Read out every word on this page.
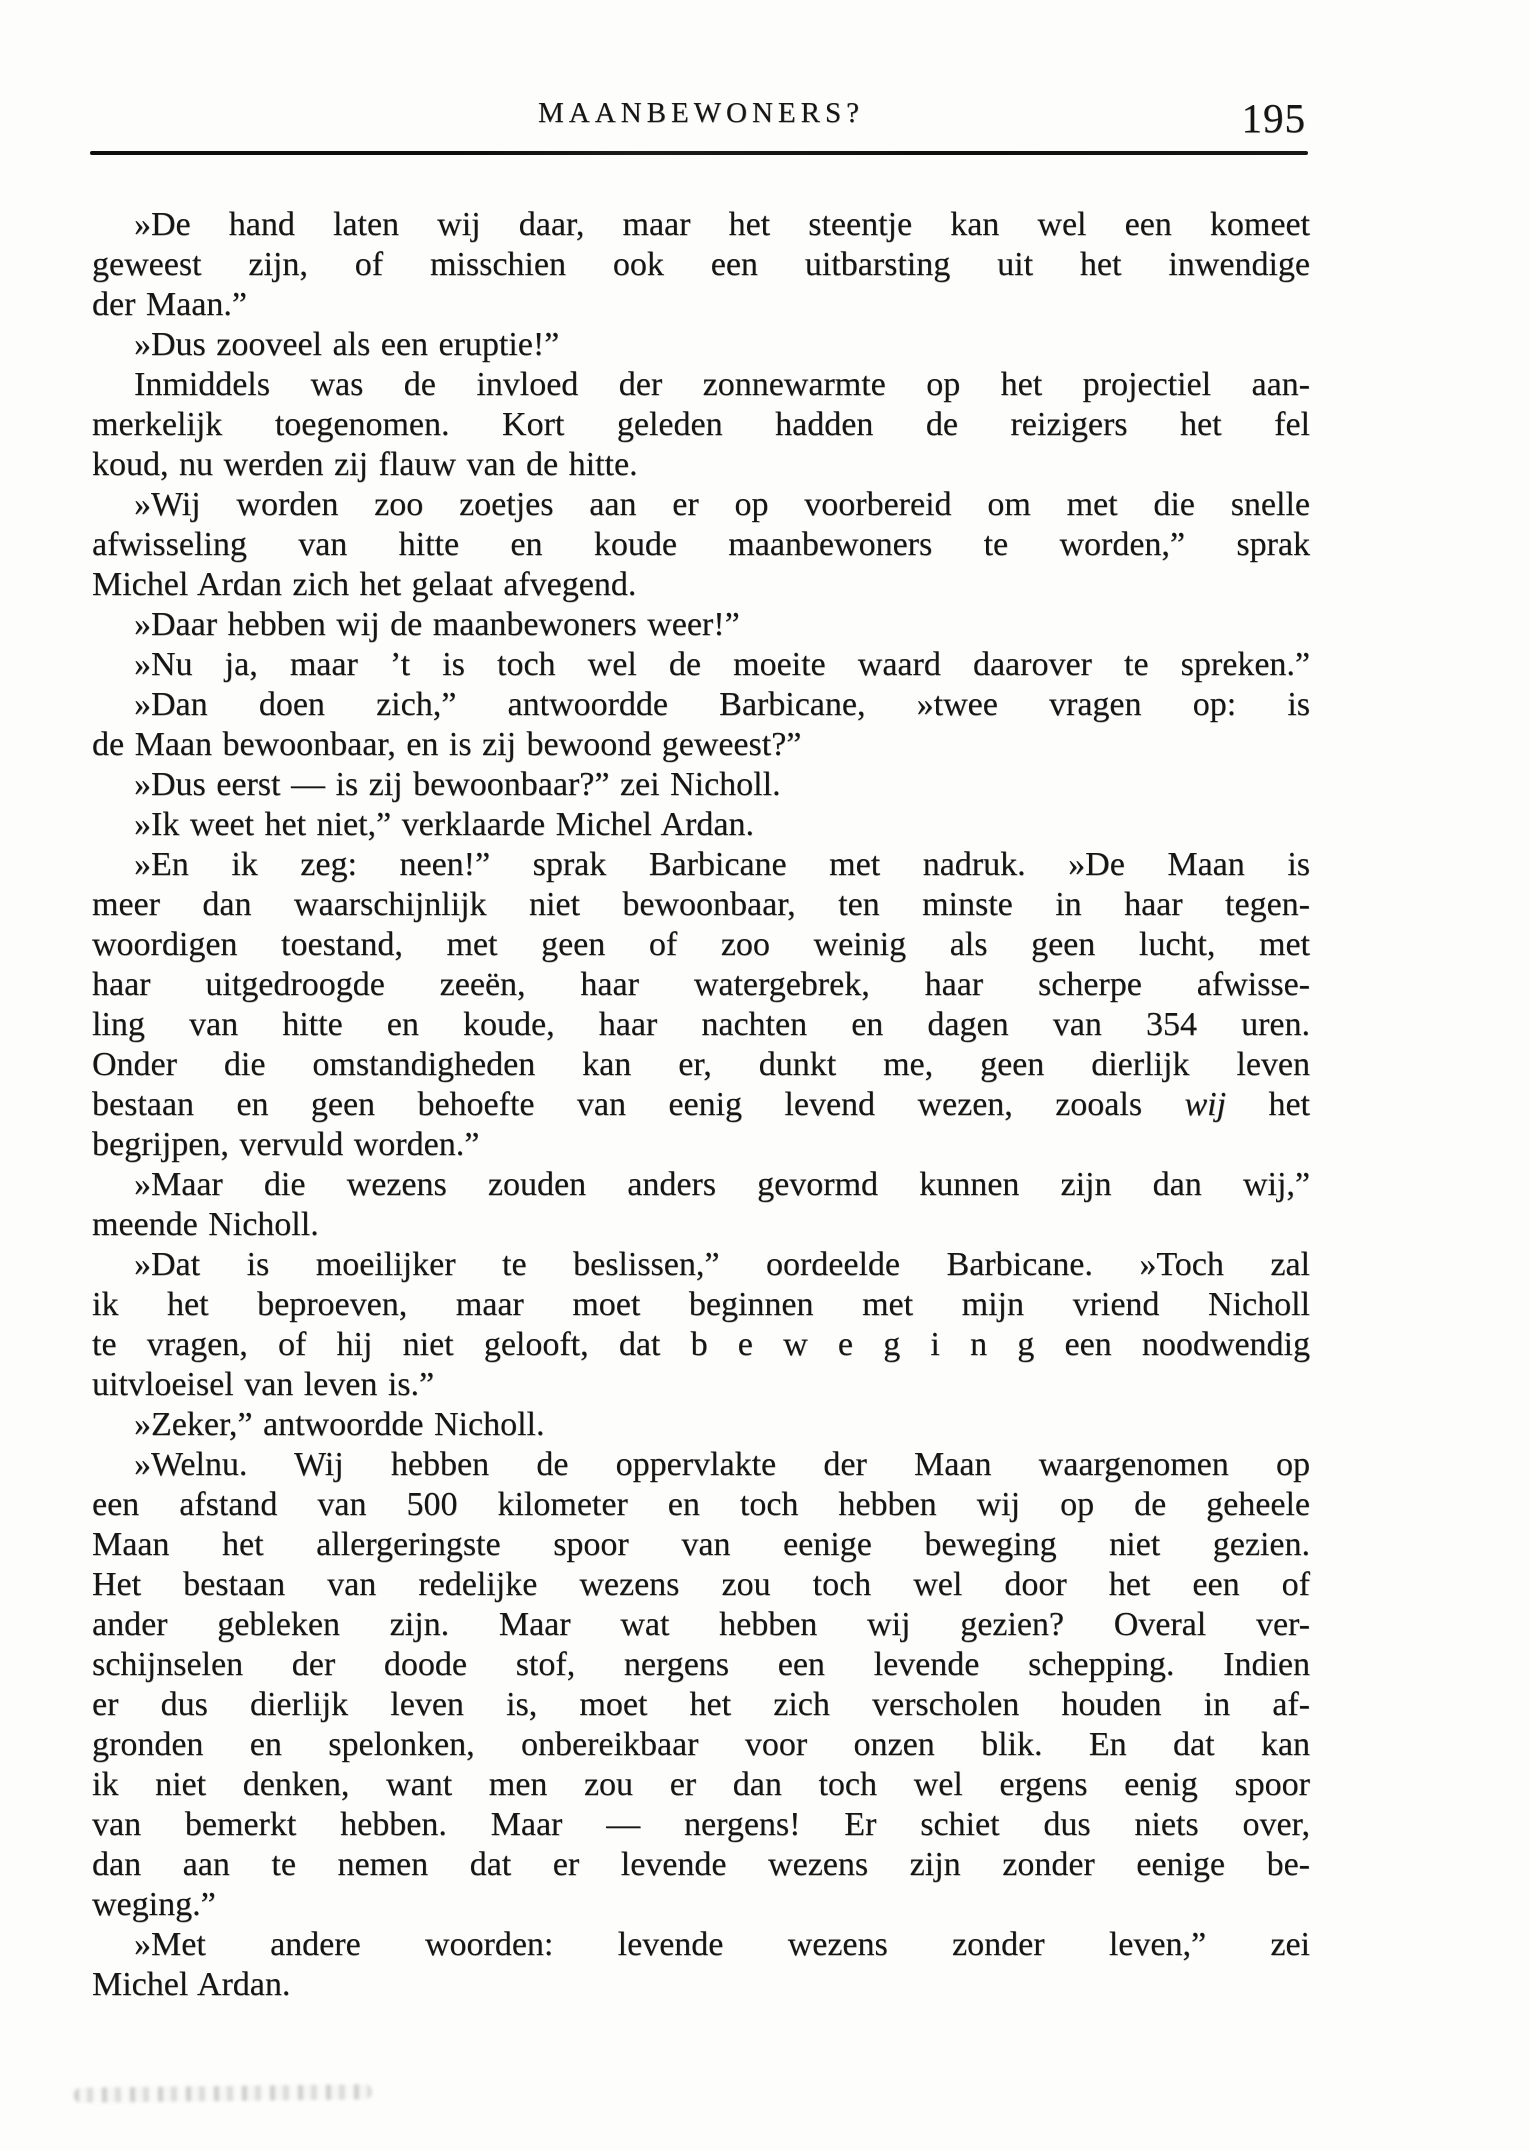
MAANBEWONERS?	195

»De hand laten wij daar, maar het steentje kan wel een komeet
geweest zijn, of misschien ook een uitbarsting uit het inwendige
der Maan.”

»Dus zooveel als een eruptie!”

Inmiddels was de invloed der zonnewarmte op het projectiel aan-
merkelijk toegenomen. Kort geleden hadden de reizigers het fel
koud, nu werden zij flauw van de hitte.

»Wij worden zoo zoetjes aan er op voorbereid om met die snelle
afwisseling van hitte en koude maanbewoners te worden,” sprak
Michel Ardan zich het gelaat afvegend.

»Daar hebben wij de maanbewoners weer!”

»Nu ja, maar ’t is toch wel de moeite waard daarover te spreken.”

»Dan doen zich,” antwoordde Barbicane, »twee vragen op: is
de Maan bewoonbaar, en is zij bewoond geweest?”

»Dus eerst — is zij bewoonbaar?” zei Nicholl.

»Ik weet het niet,” verklaarde Michel Ardan.

»En ik zeg: neen!” sprak Barbicane met nadruk. »De Maan is
meer dan waarschijnlijk niet bewoonbaar, ten minste in haar tegen-
woordigen toestand, met geen of zoo weinig als geen lucht, met
haar uitgedroogde zeeën, haar watergebrek, haar scherpe afwisse-
ling van hitte en koude, haar nachten en dagen van 354 uren.
Onder die omstandigheden kan er, dunkt me, geen dierlijk leven
bestaan en geen behoefte van eenig levend wezen, zooals wij het
begrijpen, vervuld worden.”

»Maar die wezens zouden anders gevormd kunnen zijn dan wij,”
meende Nicholl.

»Dat is moeilijker te beslissen,” oordeelde Barbicane. »Toch zal
ik het beproeven, maar moet beginnen met mijn vriend Nicholl
te vragen, of hij niet gelooft, dat b e w e g i n g een noodwendig
uitvloeisel van leven is.”

»Zeker,” antwoordde Nicholl.

»Welnu. Wij hebben de oppervlakte der Maan waargenomen op
een afstand van 500 kilometer en toch hebben wij op de geheele
Maan het allergeringste spoor van eenige beweging niet gezien.
Het bestaan van redelijke wezens zou toch wel door het een of
ander gebleken zijn. Maar wat hebben wij gezien? Overal ver-
schijnselen der doode stof, nergens een levende schepping. Indien
er dus dierlijk leven is, moet het zich verscholen houden in af-
gronden en spelonken, onbereikbaar voor onzen blik. En dat kan
ik niet denken, want men zou er dan toch wel ergens eenig spoor
van bemerkt hebben. Maar — nergens! Er schiet dus niets over,
dan aan te nemen dat er levende wezens zijn zonder eenige be-
weging.”

»Met andere woorden: levende wezens zonder leven,” zei
Michel Ardan.
